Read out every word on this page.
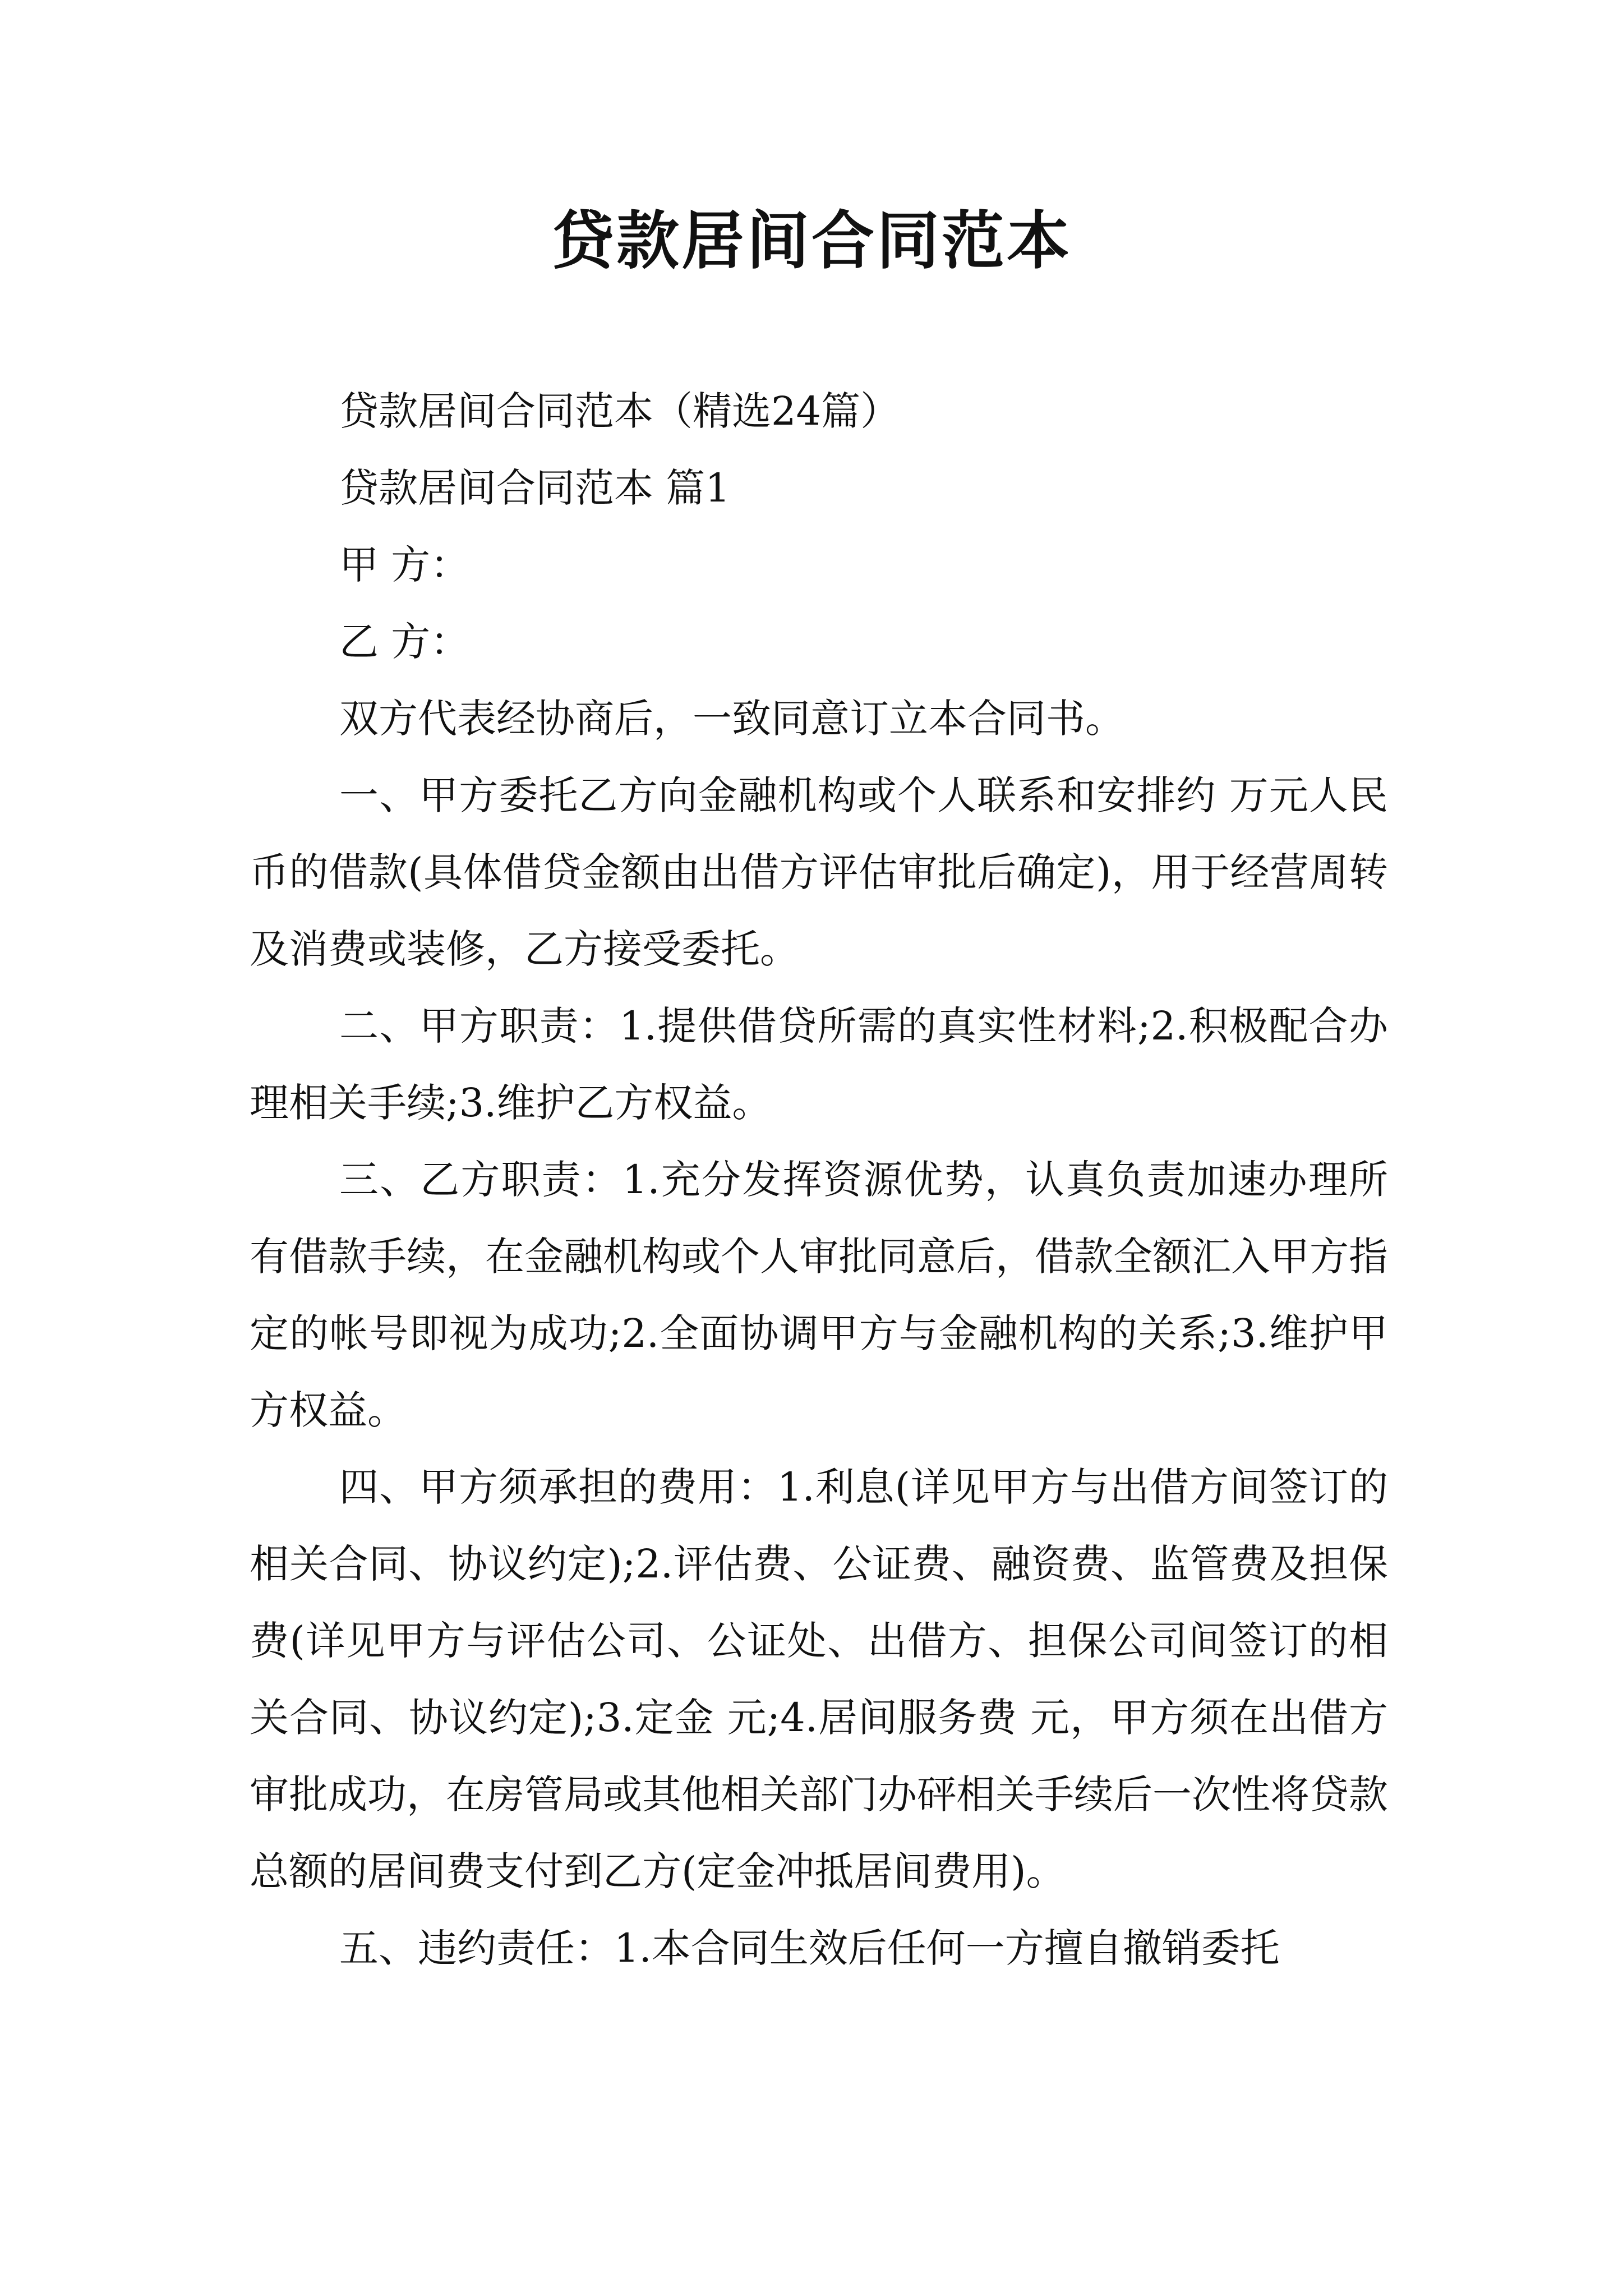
贷款居间合同范本

贷款居间合同范本（精选24篇）

贷款居间合同范本 篇1

甲 方：

乙 方：

双方代表经协商后，一致同意订立本合同书。

一、甲方委托乙方向金融机构或个人联系和安排约 万元人民币的借款(具体借贷金额由出借方评估审批后确定)，用于经营周转及消费或装修，乙方接受委托。

二、甲方职责：1.提供借贷所需的真实性材料;2.积极配合办理相关手续;3.维护乙方权益。

三、乙方职责：1.充分发挥资源优势，认真负责加速办理所有借款手续，在金融机构或个人审批同意后，借款全额汇入甲方指定的帐号即视为成功;2.全面协调甲方与金融机构的关系;3.维护甲方权益。

四、甲方须承担的费用：1.利息(详见甲方与出借方间签订的相关合同、协议约定);2.评估费、公证费、融资费、监管费及担保费(详见甲方与评估公司、公证处、出借方、担保公司间签订的相关合同、协议约定);3.定金 元;4.居间服务费 元，甲方须在出借方审批成功，在房管局或其他相关部门办砰相关手续后一次性将贷款总额的居间费支付到乙方(定金冲抵居间费用)。

五、违约责任：1.本合同生效后任何一方擅自撤销委托
